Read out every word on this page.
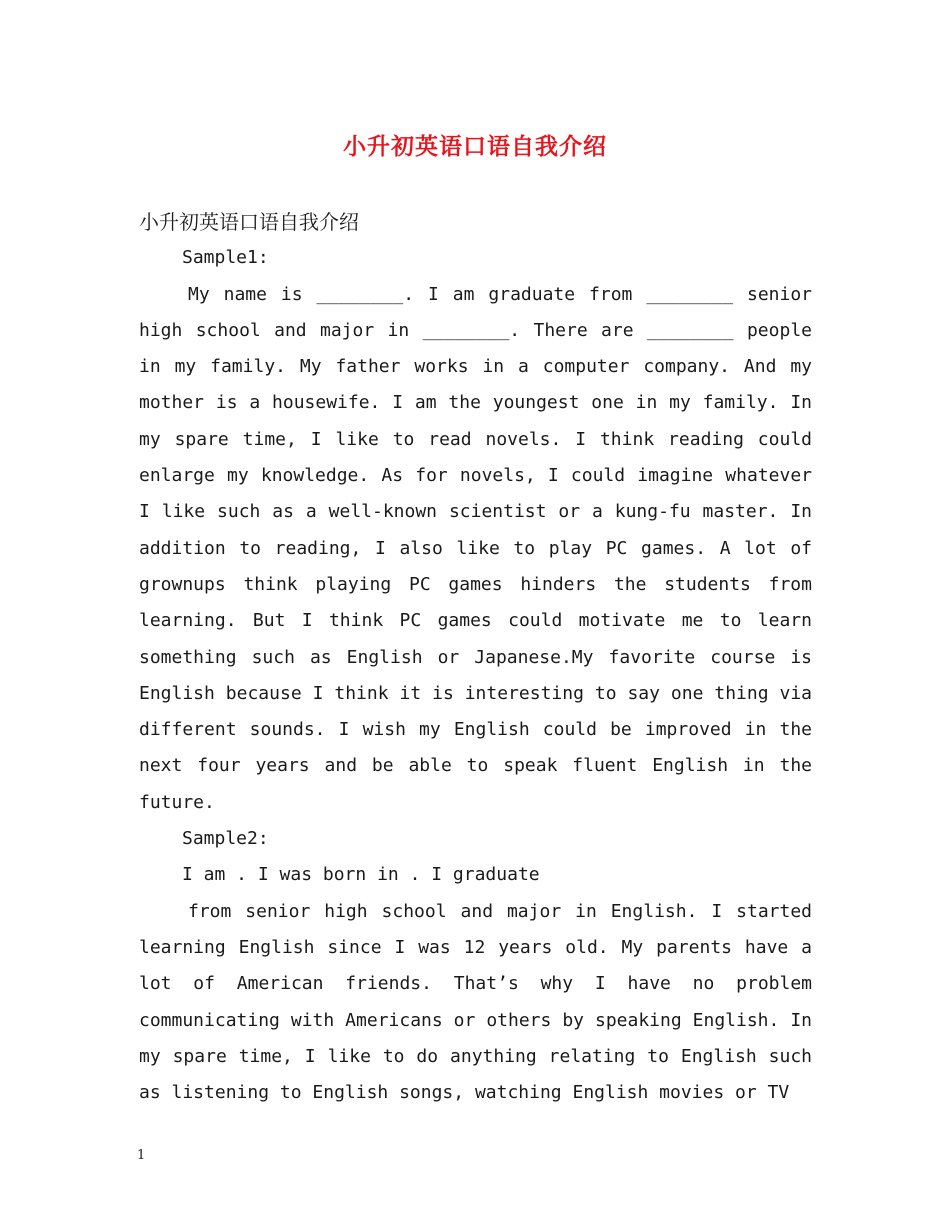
小升初英语口语自我介绍

小升初英语口语自我介绍

Sample1:

My name is ________. I am graduate from ________ senior high school and major in ________. There are ________ people in my family. My father works in a computer company. And my mother is a housewife. I am the youngest one in my family. In my spare time, I like to read novels. I think reading could enlarge my knowledge. As for novels, I could imagine whatever I like such as a well-known scientist or a kung-fu master. In addition to reading, I also like to play PC games. A lot of grownups think playing PC games hinders the students from learning. But I think PC games could motivate me to learn something such as English or Japanese.My favorite course is English because I think it is interesting to say one thing via different sounds. I wish my English could be improved in the next four years and be able to speak fluent English in the future.

Sample2:

I am . I was born in . I graduate

from senior high school and major in English. I started learning English since I was 12 years old. My parents have a lot of American friends. That’s why I have no problem communicating with Americans or others by speaking English. In my spare time, I like to do anything relating to English such as listening to English songs, watching English movies or TV

1
